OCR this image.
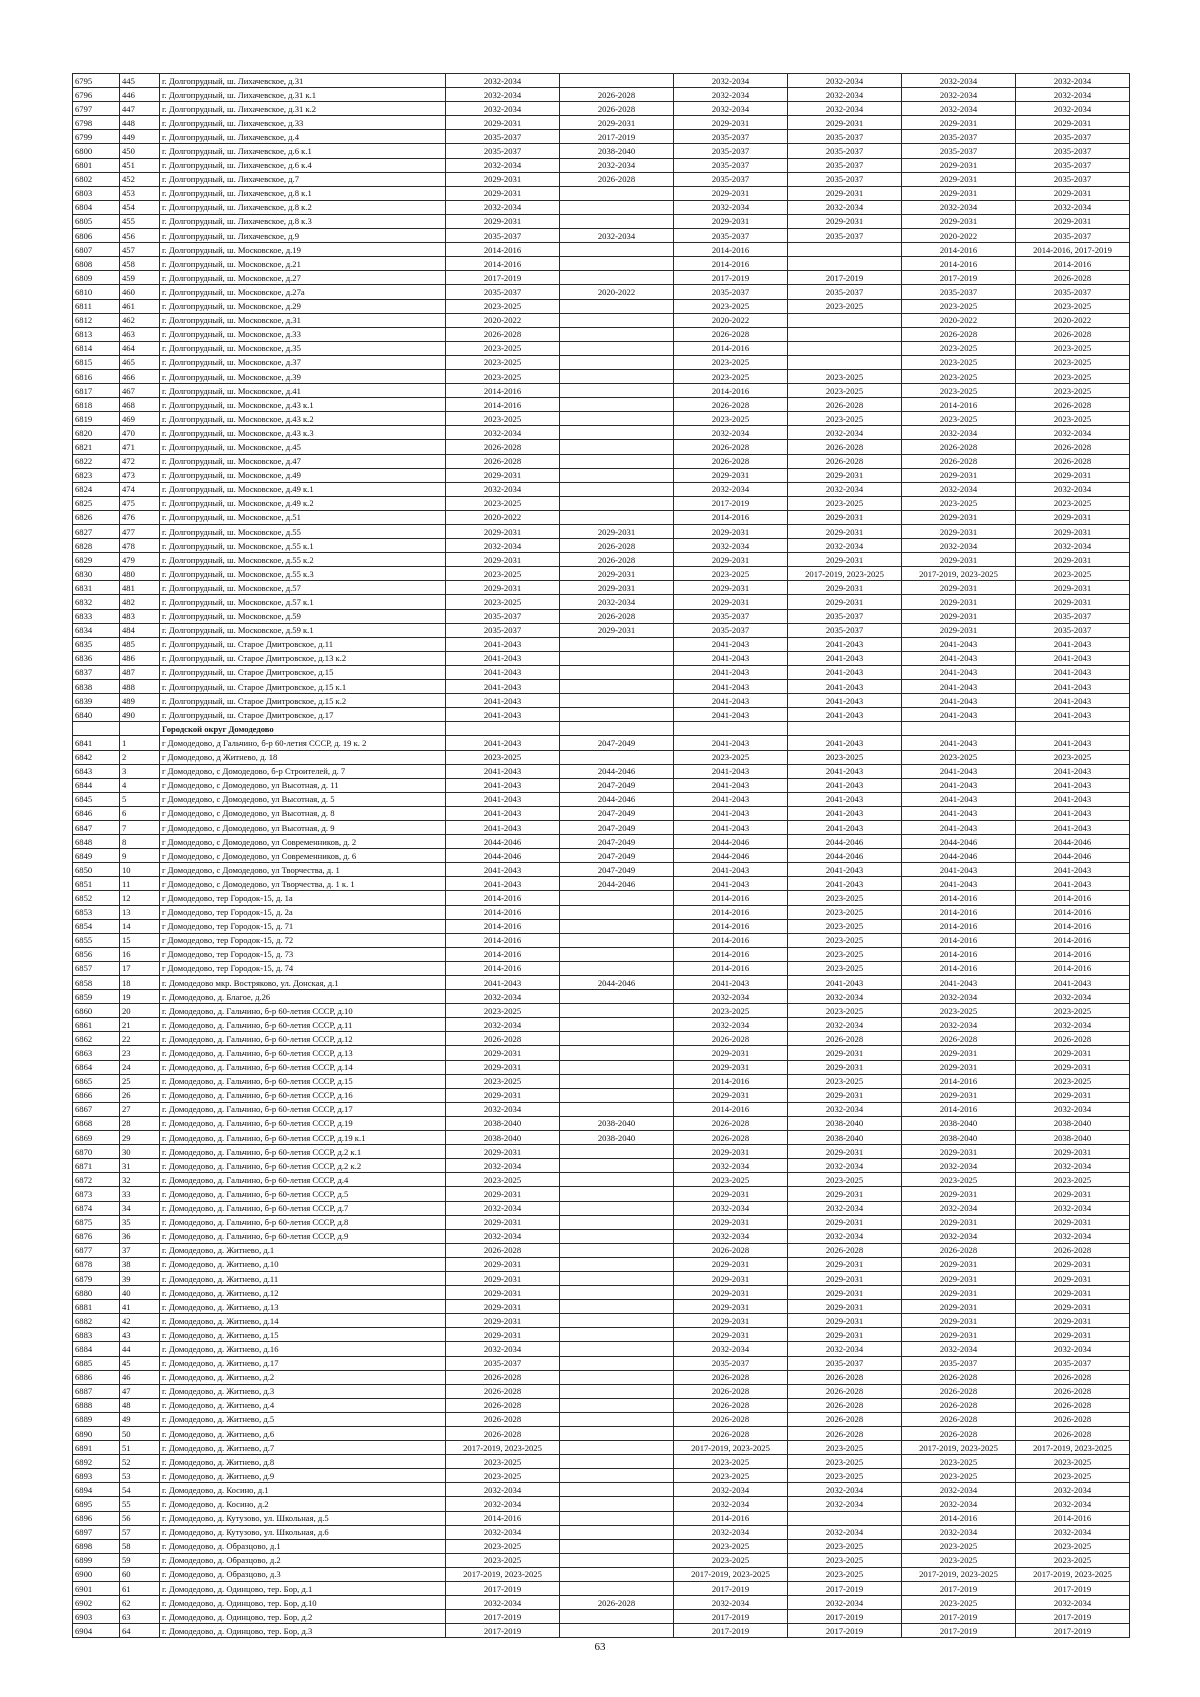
6795	445	г. Долгопрудный, ш. Лихачевское, д.31	2032-2034		2032-2034	2032-2034	2032-2034	2032-2034
6796	446	г. Долгопрудный, ш. Лихачевское, д.31 к.1	2032-2034	2026-2028	2032-2034	2032-2034	2032-2034	2032-2034
6797	447	г. Долгопрудный, ш. Лихачевское, д.31 к.2	2032-2034	2026-2028	2032-2034	2032-2034	2032-2034	2032-2034
6798	448	г. Долгопрудный, ш. Лихачевское, д.33	2029-2031	2029-2031	2029-2031	2029-2031	2029-2031	2029-2031
6799	449	г. Долгопрудный, ш. Лихачевское, д.4	2035-2037	2017-2019	2035-2037	2035-2037	2035-2037	2035-2037
6800	450	г. Долгопрудный, ш. Лихачевское, д.6 к.1	2035-2037	2038-2040	2035-2037	2035-2037	2035-2037	2035-2037
6801	451	г. Долгопрудный, ш. Лихачевское, д.6 к.4	2032-2034	2032-2034	2035-2037	2035-2037	2029-2031	2035-2037
6802	452	г. Долгопрудный, ш. Лихачевское, д.7	2029-2031	2026-2028	2035-2037	2035-2037	2029-2031	2035-2037
6803	453	г. Долгопрудный, ш. Лихачевское, д.8 к.1	2029-2031		2029-2031	2029-2031	2029-2031	2029-2031
6804	454	г. Долгопрудный, ш. Лихачевское, д.8 к.2	2032-2034		2032-2034	2032-2034	2032-2034	2032-2034
6805	455	г. Долгопрудный, ш. Лихачевское, д.8 к.3	2029-2031		2029-2031	2029-2031	2029-2031	2029-2031
6806	456	г. Долгопрудный, ш. Лихачевское, д.9	2035-2037	2032-2034	2035-2037	2035-2037	2020-2022	2035-2037
6807	457	г. Долгопрудный, ш. Московское, д.19	2014-2016		2014-2016		2014-2016	2014-2016, 2017-2019
6808	458	г. Долгопрудный, ш. Московское, д.21	2014-2016		2014-2016		2014-2016	2014-2016
6809	459	г. Долгопрудный, ш. Московское, д.27	2017-2019		2017-2019	2017-2019	2017-2019	2026-2028
6810	460	г. Долгопрудный, ш. Московское, д.27а	2035-2037	2020-2022	2035-2037	2035-2037	2035-2037	2035-2037
6811	461	г. Долгопрудный, ш. Московское, д.29	2023-2025		2023-2025	2023-2025	2023-2025	2023-2025
6812	462	г. Долгопрудный, ш. Московское, д.31	2020-2022		2020-2022		2020-2022	2020-2022
6813	463	г. Долгопрудный, ш. Московское, д.33	2026-2028		2026-2028		2026-2028	2026-2028
6814	464	г. Долгопрудный, ш. Московское, д.35	2023-2025		2014-2016		2023-2025	2023-2025
6815	465	г. Долгопрудный, ш. Московское, д.37	2023-2025		2023-2025		2023-2025	2023-2025
6816	466	г. Долгопрудный, ш. Московское, д.39	2023-2025		2023-2025	2023-2025	2023-2025	2023-2025
6817	467	г. Долгопрудный, ш. Московское, д.41	2014-2016		2014-2016	2023-2025	2023-2025	2023-2025
6818	468	г. Долгопрудный, ш. Московское, д.43 к.1	2014-2016		2026-2028	2026-2028	2014-2016	2026-2028
6819	469	г. Долгопрудный, ш. Московское, д.43 к.2	2023-2025		2023-2025	2023-2025	2023-2025	2023-2025
6820	470	г. Долгопрудный, ш. Московское, д.43 к.3	2032-2034		2032-2034	2032-2034	2032-2034	2032-2034
6821	471	г. Долгопрудный, ш. Московское, д.45	2026-2028		2026-2028	2026-2028	2026-2028	2026-2028
6822	472	г. Долгопрудный, ш. Московское, д.47	2026-2028		2026-2028	2026-2028	2026-2028	2026-2028
6823	473	г. Долгопрудный, ш. Московское, д.49	2029-2031		2029-2031	2029-2031	2029-2031	2029-2031
6824	474	г. Долгопрудный, ш. Московское, д.49 к.1	2032-2034		2032-2034	2032-2034	2032-2034	2032-2034
6825	475	г. Долгопрудный, ш. Московское, д.49 к.2	2023-2025		2017-2019	2023-2025	2023-2025	2023-2025
6826	476	г. Долгопрудный, ш. Московское, д.51	2020-2022		2014-2016	2029-2031	2029-2031	2029-2031
6827	477	г. Долгопрудный, ш. Московское, д.55	2029-2031	2029-2031	2029-2031	2029-2031	2029-2031	2029-2031
6828	478	г. Долгопрудный, ш. Московское, д.55 к.1	2032-2034	2026-2028	2032-2034	2032-2034	2032-2034	2032-2034
6829	479	г. Долгопрудный, ш. Московское, д.55 к.2	2029-2031	2026-2028	2029-2031	2029-2031	2029-2031	2029-2031
6830	480	г. Долгопрудный, ш. Московское, д.55 к.3	2023-2025	2029-2031	2023-2025	2017-2019, 2023-2025	2017-2019, 2023-2025	2023-2025
6831	481	г. Долгопрудный, ш. Московское, д.57	2029-2031	2029-2031	2029-2031	2029-2031	2029-2031	2029-2031
6832	482	г. Долгопрудный, ш. Московское, д.57 к.1	2023-2025	2032-2034	2029-2031	2029-2031	2029-2031	2029-2031
6833	483	г. Долгопрудный, ш. Московское, д.59	2035-2037	2026-2028	2035-2037	2035-2037	2029-2031	2035-2037
6834	484	г. Долгопрудный, ш. Московское, д.59 к.1	2035-2037	2029-2031	2035-2037	2035-2037	2029-2031	2035-2037
6835	485	г. Долгопрудный, ш. Старое Дмитровское, д.11	2041-2043		2041-2043	2041-2043	2041-2043	2041-2043
6836	486	г. Долгопрудный, ш. Старое Дмитровское, д.13 к.2	2041-2043		2041-2043	2041-2043	2041-2043	2041-2043
6837	487	г. Долгопрудный, ш. Старое Дмитровское, д.15	2041-2043		2041-2043	2041-2043	2041-2043	2041-2043
6838	488	г. Долгопрудный, ш. Старое Дмитровское, д.15 к.1	2041-2043		2041-2043	2041-2043	2041-2043	2041-2043
6839	489	г. Долгопрудный, ш. Старое Дмитровское, д.15 к.2	2041-2043		2041-2043	2041-2043	2041-2043	2041-2043
6840	490	г. Долгопрудный, ш. Старое Дмитровское, д.17	2041-2043		2041-2043	2041-2043	2041-2043	2041-2043
		Городской округ Домодедово						
6841	1	г Домодедово, д Гальчино, б-р 60-летия СССР, д. 19 к. 2	2041-2043	2047-2049	2041-2043	2041-2043	2041-2043	2041-2043
6842	2	г Домодедово, д Житнево, д. 18	2023-2025		2023-2025	2023-2025	2023-2025	2023-2025
6843	3	г Домодедово, с Домодедово, б-р Строителей, д. 7	2041-2043	2044-2046	2041-2043	2041-2043	2041-2043	2041-2043
6844	4	г Домодедово, с Домодедово, ул Высотная, д. 11	2041-2043	2047-2049	2041-2043	2041-2043	2041-2043	2041-2043
6845	5	г Домодедово, с Домодедово, ул Высотная, д. 5	2041-2043	2044-2046	2041-2043	2041-2043	2041-2043	2041-2043
6846	6	г Домодедово, с Домодедово, ул Высотная, д. 8	2041-2043	2047-2049	2041-2043	2041-2043	2041-2043	2041-2043
6847	7	г Домодедово, с Домодедово, ул Высотная, д. 9	2041-2043	2047-2049	2041-2043	2041-2043	2041-2043	2041-2043
6848	8	г Домодедово, с Домодедово, ул Современников, д. 2	2044-2046	2047-2049	2044-2046	2044-2046	2044-2046	2044-2046
6849	9	г Домодедово, с Домодедово, ул Современников, д. 6	2044-2046	2047-2049	2044-2046	2044-2046	2044-2046	2044-2046
6850	10	г Домодедово, с Домодедово, ул Творчества, д. 1	2041-2043	2047-2049	2041-2043	2041-2043	2041-2043	2041-2043
6851	11	г Домодедово, с Домодедово, ул Творчества, д. 1 к. 1	2041-2043	2044-2046	2041-2043	2041-2043	2041-2043	2041-2043
6852	12	г Домодедово, тер Городок-15, д. 1а	2014-2016		2014-2016	2023-2025	2014-2016	2014-2016
6853	13	г Домодедово, тер Городок-15, д. 2а	2014-2016		2014-2016	2023-2025	2014-2016	2014-2016
6854	14	г Домодедово, тер Городок-15, д. 71	2014-2016		2014-2016	2023-2025	2014-2016	2014-2016
6855	15	г Домодедово, тер Городок-15, д. 72	2014-2016		2014-2016	2023-2025	2014-2016	2014-2016
6856	16	г Домодедово, тер Городок-15, д. 73	2014-2016		2014-2016	2023-2025	2014-2016	2014-2016
6857	17	г Домодедово, тер Городок-15, д. 74	2014-2016		2014-2016	2023-2025	2014-2016	2014-2016
6858	18	г. Домодедово мкр. Востряково, ул. Донская, д.1	2041-2043	2044-2046	2041-2043	2041-2043	2041-2043	2041-2043
6859	19	г. Домодедово, д. Благое, д.26	2032-2034		2032-2034	2032-2034	2032-2034	2032-2034
6860	20	г. Домодедово, д. Гальчино, б-р 60-летия СССР, д.10	2023-2025		2023-2025	2023-2025	2023-2025	2023-2025
6861	21	г. Домодедово, д. Гальчино, б-р 60-летия СССР, д.11	2032-2034		2032-2034	2032-2034	2032-2034	2032-2034
6862	22	г. Домодедово, д. Гальчино, б-р 60-летия СССР, д.12	2026-2028		2026-2028	2026-2028	2026-2028	2026-2028
6863	23	г. Домодедово, д. Гальчино, б-р 60-летия СССР, д.13	2029-2031		2029-2031	2029-2031	2029-2031	2029-2031
6864	24	г. Домодедово, д. Гальчино, б-р 60-летия СССР, д.14	2029-2031		2029-2031	2029-2031	2029-2031	2029-2031
6865	25	г. Домодедово, д. Гальчино, б-р 60-летия СССР, д.15	2023-2025		2014-2016	2023-2025	2014-2016	2023-2025
6866	26	г. Домодедово, д. Гальчино, б-р 60-летия СССР, д.16	2029-2031		2029-2031	2029-2031	2029-2031	2029-2031
6867	27	г. Домодедово, д. Гальчино, б-р 60-летия СССР, д.17	2032-2034		2014-2016	2032-2034	2014-2016	2032-2034
6868	28	г. Домодедово, д. Гальчино, б-р 60-летия СССР, д.19	2038-2040	2038-2040	2026-2028	2038-2040	2038-2040	2038-2040
6869	29	г. Домодедово, д. Гальчино, б-р 60-летия СССР, д.19 к.1	2038-2040	2038-2040	2026-2028	2038-2040	2038-2040	2038-2040
6870	30	г. Домодедово, д. Гальчино, б-р 60-летия СССР, д.2 к.1	2029-2031		2029-2031	2029-2031	2029-2031	2029-2031
6871	31	г. Домодедово, д. Гальчино, б-р 60-летия СССР, д.2 к.2	2032-2034		2032-2034	2032-2034	2032-2034	2032-2034
6872	32	г. Домодедово, д. Гальчино, б-р 60-летия СССР, д.4	2023-2025		2023-2025	2023-2025	2023-2025	2023-2025
6873	33	г. Домодедово, д. Гальчино, б-р 60-летия СССР, д.5	2029-2031		2029-2031	2029-2031	2029-2031	2029-2031
6874	34	г. Домодедово, д. Гальчино, б-р 60-летия СССР, д.7	2032-2034		2032-2034	2032-2034	2032-2034	2032-2034
6875	35	г. Домодедово, д. Гальчино, б-р 60-летия СССР, д.8	2029-2031		2029-2031	2029-2031	2029-2031	2029-2031
6876	36	г. Домодедово, д. Гальчино, б-р 60-летия СССР, д.9	2032-2034		2032-2034	2032-2034	2032-2034	2032-2034
6877	37	г. Домодедово, д. Житнево, д.1	2026-2028		2026-2028	2026-2028	2026-2028	2026-2028
6878	38	г. Домодедово, д. Житнево, д.10	2029-2031		2029-2031	2029-2031	2029-2031	2029-2031
6879	39	г. Домодедово, д. Житнево, д.11	2029-2031		2029-2031	2029-2031	2029-2031	2029-2031
6880	40	г. Домодедово, д. Житнево, д.12	2029-2031		2029-2031	2029-2031	2029-2031	2029-2031
6881	41	г. Домодедово, д. Житнево, д.13	2029-2031		2029-2031	2029-2031	2029-2031	2029-2031
6882	42	г. Домодедово, д. Житнево, д.14	2029-2031		2029-2031	2029-2031	2029-2031	2029-2031
6883	43	г. Домодедово, д. Житнево, д.15	2029-2031		2029-2031	2029-2031	2029-2031	2029-2031
6884	44	г. Домодедово, д. Житнево, д.16	2032-2034		2032-2034	2032-2034	2032-2034	2032-2034
6885	45	г. Домодедово, д. Житнево, д.17	2035-2037		2035-2037	2035-2037	2035-2037	2035-2037
6886	46	г. Домодедово, д. Житнево, д.2	2026-2028		2026-2028	2026-2028	2026-2028	2026-2028
6887	47	г. Домодедово, д. Житнево, д.3	2026-2028		2026-2028	2026-2028	2026-2028	2026-2028
6888	48	г. Домодедово, д. Житнево, д.4	2026-2028		2026-2028	2026-2028	2026-2028	2026-2028
6889	49	г. Домодедово, д. Житнево, д.5	2026-2028		2026-2028	2026-2028	2026-2028	2026-2028
6890	50	г. Домодедово, д. Житнево, д.6	2026-2028		2026-2028	2026-2028	2026-2028	2026-2028
6891	51	г. Домодедово, д. Житнево, д.7	2017-2019, 2023-2025		2017-2019, 2023-2025	2023-2025	2017-2019, 2023-2025	2017-2019, 2023-2025
6892	52	г. Домодедово, д. Житнево, д.8	2023-2025		2023-2025	2023-2025	2023-2025	2023-2025
6893	53	г. Домодедово, д. Житнево, д.9	2023-2025		2023-2025	2023-2025	2023-2025	2023-2025
6894	54	г. Домодедово, д. Косино, д.1	2032-2034		2032-2034	2032-2034	2032-2034	2032-2034
6895	55	г. Домодедово, д. Косино, д.2	2032-2034		2032-2034	2032-2034	2032-2034	2032-2034
6896	56	г. Домодедово, д. Кутузово, ул. Школьная, д.5	2014-2016		2014-2016		2014-2016	2014-2016
6897	57	г. Домодедово, д. Кутузово, ул. Школьная, д.6	2032-2034		2032-2034	2032-2034	2032-2034	2032-2034
6898	58	г. Домодедово, д. Образцово, д.1	2023-2025		2023-2025	2023-2025	2023-2025	2023-2025
6899	59	г. Домодедово, д. Образцово, д.2	2023-2025		2023-2025	2023-2025	2023-2025	2023-2025
6900	60	г. Домодедово, д. Образцово, д.3	2017-2019, 2023-2025		2017-2019, 2023-2025	2023-2025	2017-2019, 2023-2025	2017-2019, 2023-2025
6901	61	г. Домодедово, д. Одинцово, тер. Бор, д.1	2017-2019		2017-2019	2017-2019	2017-2019	2017-2019
6902	62	г. Домодедово, д. Одинцово, тер. Бор, д.10	2032-2034	2026-2028	2032-2034	2032-2034	2023-2025	2032-2034
6903	63	г. Домодедово, д. Одинцово, тер. Бор, д.2	2017-2019		2017-2019	2017-2019	2017-2019	2017-2019
6904	64	г. Домодедово, д. Одинцово, тер. Бор, д.3	2017-2019		2017-2019	2017-2019	2017-2019	2017-2019
63
